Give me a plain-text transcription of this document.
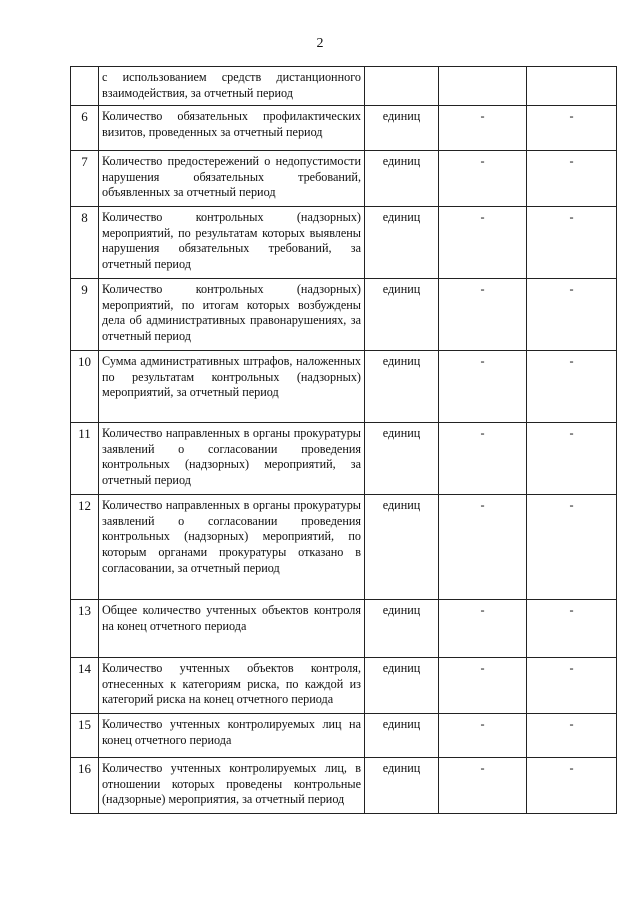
2
	с использованием средств дистанционного взаимодействия, за отчетный период			
6	Количество обязательных профилактических визитов, проведенных за отчетный период	единиц	-	-
7	Количество предостережений о недопустимости нарушения обязательных требований, объявленных за отчетный период	единиц	-	-
8	Количество контрольных (надзорных) мероприятий, по результатам которых выявлены нарушения обязательных требований, за отчетный период	единиц	-	-
9	Количество контрольных (надзорных) мероприятий, по итогам которых возбуждены дела об административных правонарушениях, за отчетный период	единиц	-	-
10	Сумма административных штрафов, наложенных по результатам контрольных (надзорных) мероприятий, за отчетный период	единиц	-	-
11	Количество направленных в органы прокуратуры заявлений о согласовании проведения контрольных (надзорных) мероприятий, за отчетный период	единиц	-	-
12	Количество направленных в органы прокуратуры заявлений о согласовании проведения контрольных (надзорных) мероприятий, по которым органами прокуратуры отказано в согласовании, за отчетный период	единиц	-	-
13	Общее количество учтенных объектов контроля на конец отчетного периода	единиц	-	-
14	Количество учтенных объектов контроля, отнесенных к категориям риска, по каждой из категорий риска на конец отчетного периода	единиц	-	-
15	Количество учтенных контролируемых лиц на конец отчетного периода	единиц	-	-
16	Количество учтенных контролируемых лиц, в отношении которых проведены контрольные (надзорные) мероприятия, за отчетный период	единиц	-	-
